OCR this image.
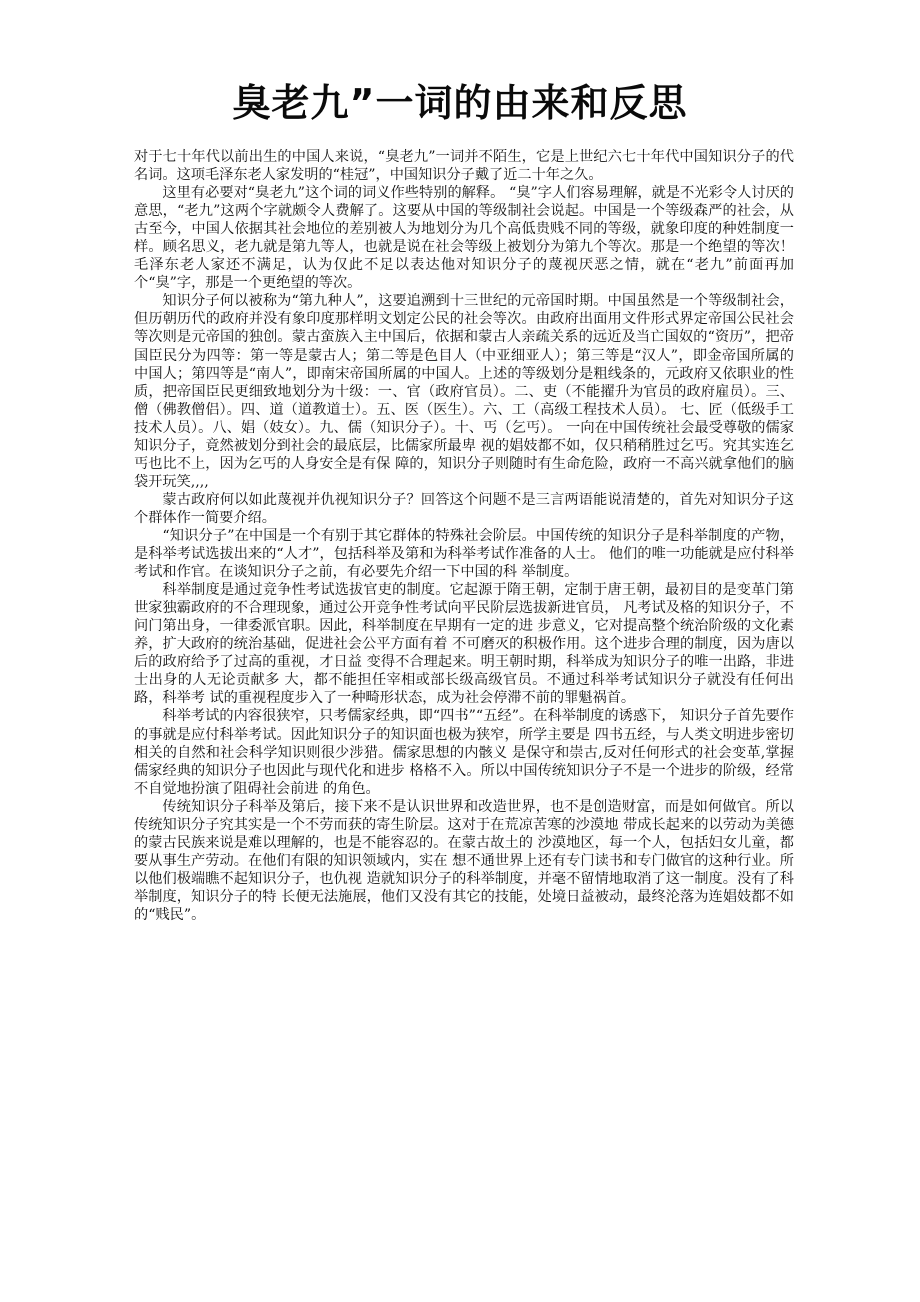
臭老九”一词的由来和反思

对于七十年代以前出生的中国人来说，“臭老九”一词并不陌生，它是上世纪六七十年代中国知识分子的代名词。这项毛泽东老人家发明的“桂冠”，中国知识分子戴了近二十年之久。

这里有必要对“臭老九”这个词的词义作些特别的解释。 “臭”字人们容易理解，就是不光彩令人讨厌的意思，“老九”这两个字就颇令人费解了。这要从中国的等级制社会说起。中国是一个等级森严的社会，从古至今，中国人依据其社会地位的差别被人为地划分为几个高低贵贱不同的等级，就象印度的种姓制度一样。顾名思义，老九就是第九等人，也就是说在社会等级上被划分为第九个等次。那是一个绝望的等次！毛泽东老人家还不满足，认为仅此不足以表达他对知识分子的蔑视厌恶之情，就在“老九”前面再加个“臭”字，那是一个更绝望的等次。

知识分子何以被称为“第九种人”，这要追溯到十三世纪的元帝国时期。中国虽然是一个等级制社会，但历朝历代的政府并没有象印度那样明文划定公民的社会等次。由政府出面用文件形式界定帝国公民社会等次则是元帝国的独创。蒙古蛮族入主中国后，依据和蒙古人亲疏关系的远近及当亡国奴的“资历”，把帝国臣民分为四等：第一等是蒙古人；第二等是色目人（中亚细亚人）；第三等是“汉人”，即金帝国所属的中国人；第四等是“南人”，即南宋帝国所属的中国人。上述的等级划分是粗线条的，元政府又依职业的性质，把帝国臣民更细致地划分为十级：一、官（政府官员）。二、吏（不能擢升为官员的政府雇员）。三、 僧（佛教僧侣）。四、道（道教道士）。五、医（医生）。六、工（高级工程技术人员）。 七、匠（低级手工技术人员）。八、娼（妓女）。九、儒（知识分子）。十、丐（乞丐）。 一向在中国传统社会最受尊敬的儒家知识分子，竟然被划分到社会的最底层，比儒家所最卑 视的娼妓都不如，仅只稍稍胜过乞丐。究其实连乞丐也比不上，因为乞丐的人身安全是有保 障的，知识分子则随时有生命危险，政府一不高兴就拿他们的脑袋开玩笑,,,,

蒙古政府何以如此蔑视并仇视知识分子？回答这个问题不是三言两语能说清楚的，首先对知识分子这个群体作一简要介绍。

“知识分子”在中国是一个有别于其它群体的特殊社会阶层。中国传统的知识分子是科举制度的产物，是科举考试选拔出来的“人才”，包括科举及第和为科举考试作准备的人士。 他们的唯一功能就是应付科举考试和作官。在谈知识分子之前，有必要先介绍一下中国的科 举制度。

科举制度是通过竞争性考试选拔官吏的制度。它起源于隋王朝，定制于唐王朝，最初目的是变革门第世家独霸政府的不合理现象，通过公开竞争性考试向平民阶层选拔新进官员， 凡考试及格的知识分子，不问门第出身，一律委派官职。因此，科举制度在早期有一定的进 步意义，它对提高整个统治阶级的文化素养，扩大政府的统治基础，促进社会公平方面有着 不可磨灭的积极作用。这个进步合理的制度，因为唐以后的政府给予了过高的重视，才日益 变得不合理起来。明王朝时期，科举成为知识分子的唯一出路，非进士出身的人无论贡献多 大，都不能担任宰相或部长级高级官员。不通过科举考试知识分子就没有任何出路，科举考 试的重视程度步入了一种畸形状态，成为社会停滞不前的罪魁祸首。

科举考试的内容很狭窄，只考儒家经典，即“四书”“五经”。在科举制度的诱惑下， 知识分子首先要作的事就是应付科举考试。因此知识分子的知识面也极为狭窄，所学主要是 四书五经，与人类文明进步密切相关的自然和社会科学知识则很少涉猎。儒家思想的内骸义 是保守和崇古,反对任何形式的社会变革,掌握儒家经典的知识分子也因此与现代化和进步 格格不入。所以中国传统知识分子不是一个进步的阶级，经常不自觉地扮演了阻碍社会前进 的角色。

传统知识分子科举及第后，接下来不是认识世界和改造世界，也不是创造财富，而是如何做官。所以传统知识分子究其实是一个不劳而获的寄生阶层。这对于在荒凉苦寒的沙漠地 带成长起来的以劳动为美德的蒙古民族来说是难以理解的，也是不能容忍的。在蒙古故土的 沙漠地区，每一个人，包括妇女儿童，都要从事生产劳动。在他们有限的知识领域内，实在 想不通世界上还有专门读书和专门做官的这种行业。所以他们极端瞧不起知识分子，也仇视 造就知识分子的科举制度，并毫不留情地取消了这一制度。没有了科举制度，知识分子的特 长便无法施展，他们又没有其它的技能，处境日益被动，最终沦落为连娼妓都不如的“贱民”。
